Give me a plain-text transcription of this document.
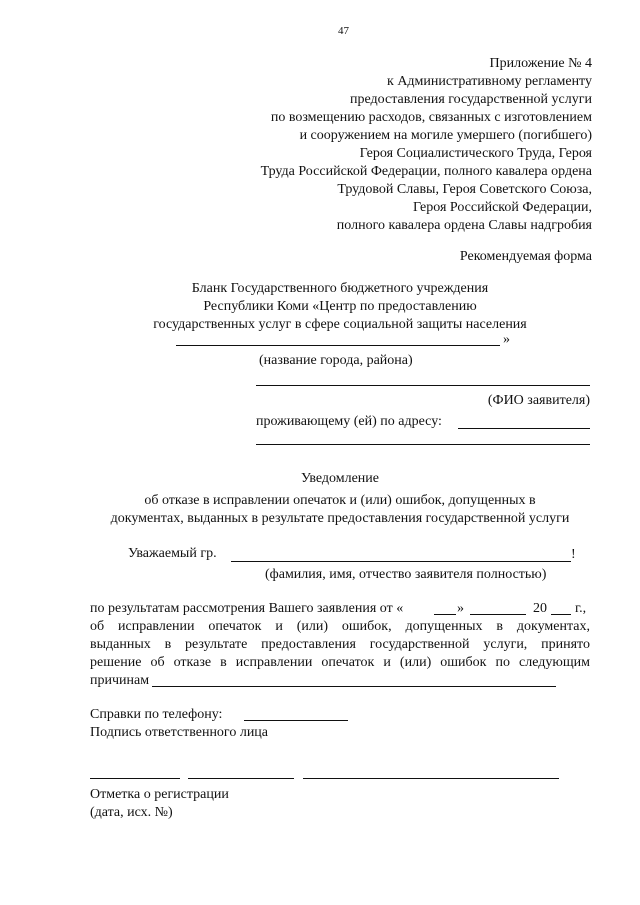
47
Приложение № 4
к Административному регламенту
предоставления государственной услуги
по возмещению расходов, связанных с изготовлением
и сооружением на могиле умершего (погибшего)
Героя Социалистического Труда, Героя
Труда Российской Федерации, полного кавалера ордена
Трудовой Славы, Героя Советского Союза,
Героя Российской Федерации,
полного кавалера ордена Славы надгробия
Рекомендуемая форма
Бланк Государственного бюджетного учреждения
Республики Коми «Центр по предоставлению
государственных услуг в сфере социальной защиты населения
»
(название города, района)
(ФИО заявителя)
проживающему (ей) по адресу:
Уведомление
об отказе в исправлении опечаток и (или) ошибок, допущенных в
документах, выданных в результате предоставления государственной услуги
Уважаемый гр.	!
(фамилия, имя, отчество заявителя полностью)
по результатам рассмотрения Вашего заявления от «	»	20 г.,
об исправлении опечаток и (или) ошибок, допущенных в документах,
выданных в результате предоставления государственной услуги, принято
решение об отказе в исправлении опечаток и (или) ошибок по следующим
причинам
Справки по телефону:
Подпись ответственного лица
Отметка о регистрации
(дата, исх. №)
